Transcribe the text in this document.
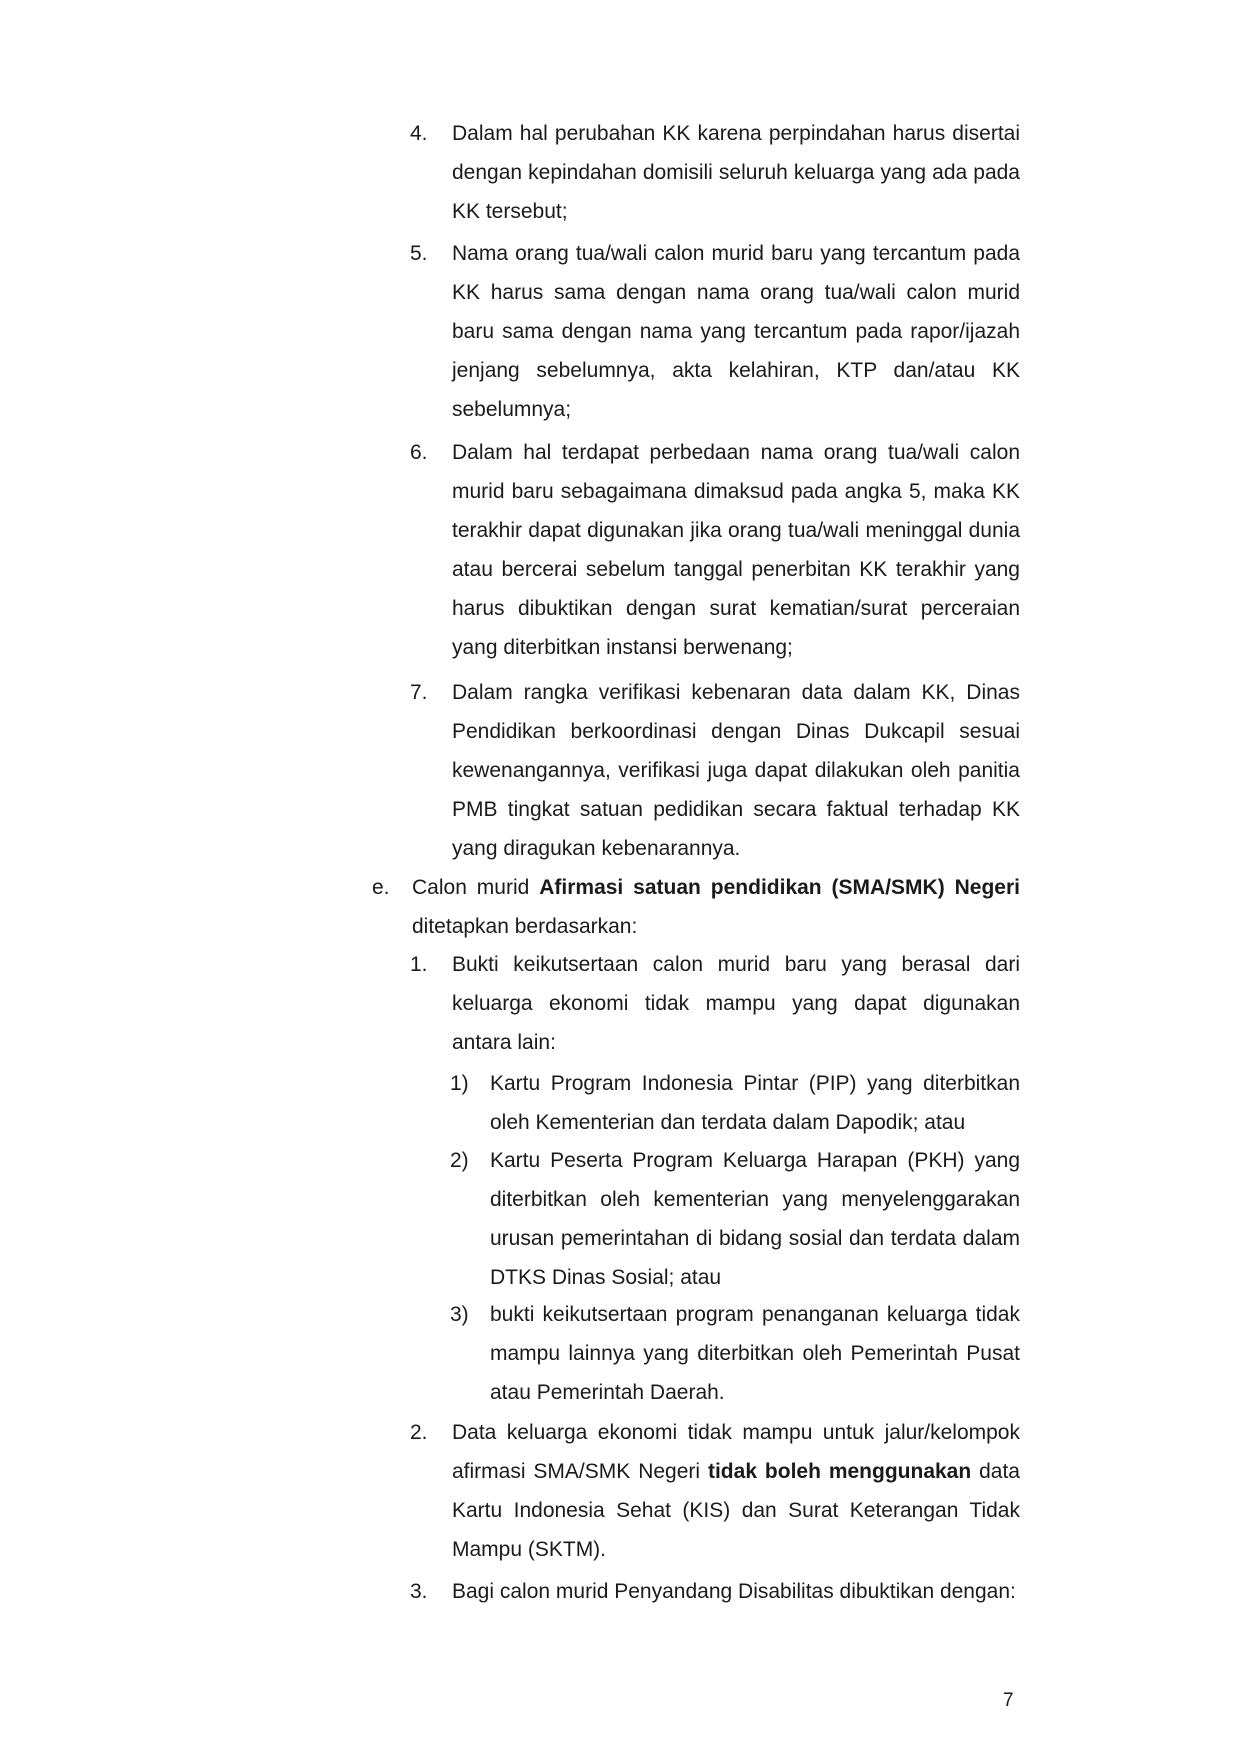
4. Dalam hal perubahan KK karena perpindahan harus disertai dengan kepindahan domisili seluruh keluarga yang ada pada KK tersebut;
5. Nama orang tua/wali calon murid baru yang tercantum pada KK harus sama dengan nama orang tua/wali calon murid baru sama dengan nama yang tercantum pada rapor/ijazah jenjang sebelumnya, akta kelahiran, KTP dan/atau KK sebelumnya;
6. Dalam hal terdapat perbedaan nama orang tua/wali calon murid baru sebagaimana dimaksud pada angka 5, maka KK terakhir dapat digunakan jika orang tua/wali meninggal dunia atau bercerai sebelum tanggal penerbitan KK terakhir yang harus dibuktikan dengan surat kematian/surat perceraian yang diterbitkan instansi berwenang;
7. Dalam rangka verifikasi kebenaran data dalam KK, Dinas Pendidikan berkoordinasi dengan Dinas Dukcapil sesuai kewenangannya, verifikasi juga dapat dilakukan oleh panitia PMB tingkat satuan pedidikan secara faktual terhadap KK yang diragukan kebenarannya.
e. Calon murid Afirmasi satuan pendidikan (SMA/SMK) Negeri ditetapkan berdasarkan:
1. Bukti keikutsertaan calon murid baru yang berasal dari keluarga ekonomi tidak mampu yang dapat digunakan antara lain:
1) Kartu Program Indonesia Pintar (PIP) yang diterbitkan oleh Kementerian dan terdata dalam Dapodik; atau
2) Kartu Peserta Program Keluarga Harapan (PKH) yang diterbitkan oleh kementerian yang menyelenggarakan urusan pemerintahan di bidang sosial dan terdata dalam DTKS Dinas Sosial; atau
3) bukti keikutsertaan program penanganan keluarga tidak mampu lainnya yang diterbitkan oleh Pemerintah Pusat atau Pemerintah Daerah.
2. Data keluarga ekonomi tidak mampu untuk jalur/kelompok afirmasi SMA/SMK Negeri tidak boleh menggunakan data Kartu Indonesia Sehat (KIS) dan Surat Keterangan Tidak Mampu (SKTM).
3. Bagi calon murid Penyandang Disabilitas dibuktikan dengan:
7
